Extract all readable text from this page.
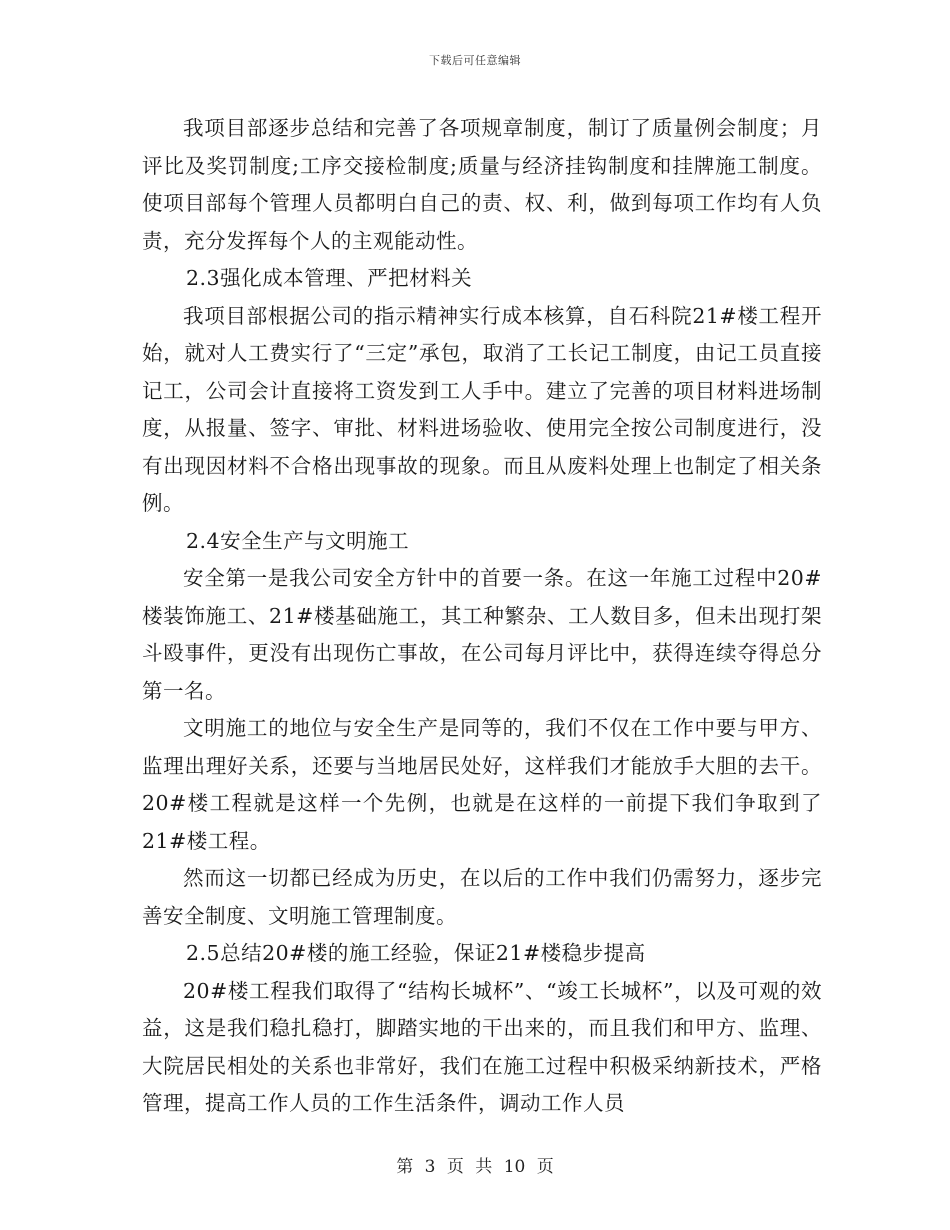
下载后可任意编辑

我项目部逐步总结和完善了各项规章制度，制订了质量例会制度；月评比及奖罚制度;工序交接检制度;质量与经济挂钩制度和挂牌施工制度。使项目部每个管理人员都明白自己的责、权、利，做到每项工作均有人负责，充分发挥每个人的主观能动性。

2.3强化成本管理、严把材料关

我项目部根据公司的指示精神实行成本核算，自石科院21#楼工程开始，就对人工费实行了“三定”承包，取消了工长记工制度，由记工员直接记工，公司会计直接将工资发到工人手中。建立了完善的项目材料进场制度，从报量、签字、审批、材料进场验收、使用完全按公司制度进行，没有出现因材料不合格出现事故的现象。而且从废料处理上也制定了相关条例。

2.4安全生产与文明施工

安全第一是我公司安全方针中的首要一条。在这一年施工过程中20#楼装饰施工、21#楼基础施工，其工种繁杂、工人数目多，但未出现打架斗殴事件，更没有出现伤亡事故，在公司每月评比中，获得连续夺得总分第一名。

文明施工的地位与安全生产是同等的，我们不仅在工作中要与甲方、监理出理好关系，还要与当地居民处好，这样我们才能放手大胆的去干。20#楼工程就是这样一个先例，也就是在这样的一前提下我们争取到了21#楼工程。

然而这一切都已经成为历史，在以后的工作中我们仍需努力，逐步完善安全制度、文明施工管理制度。

2.5总结20#楼的施工经验，保证21#楼稳步提高

20#楼工程我们取得了“结构长城杯”、“竣工长城杯”，以及可观的效益，这是我们稳扎稳打，脚踏实地的干出来的，而且我们和甲方、监理、大院居民相处的关系也非常好，我们在施工过程中积极采纳新技术，严格管理，提高工作人员的工作生活条件，调动工作人员

第 3 页 共 10 页
